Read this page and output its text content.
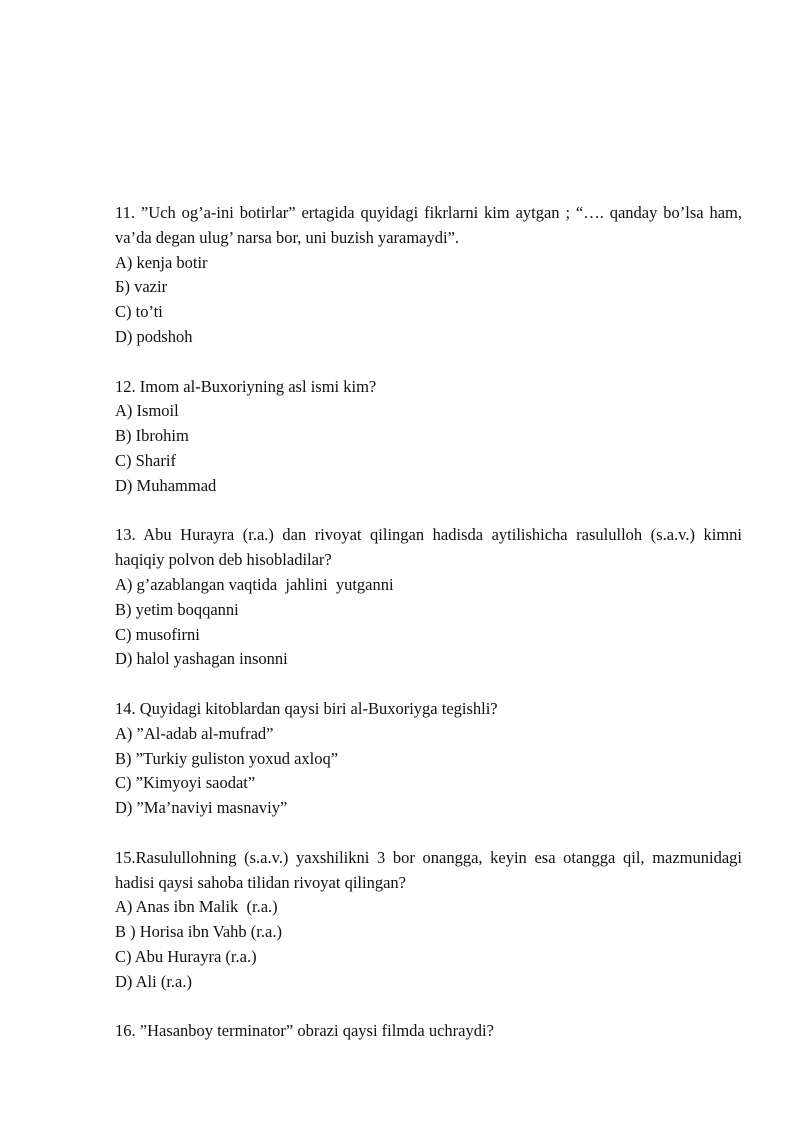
11. ”Uch og’a-ini botirlar” ertagida quyidagi fikrlarni kim aytgan ; “…. qanday bo’lsa ham, va’da degan ulug’ narsa bor, uni buzish yaramaydi”.

A) kenja botir

Б) vazir

C) to’ti

D) podshoh

12. Imom al-Buxoriyning asl ismi kim?

A) Ismoil

B) Ibrohim

C) Sharif

D) Muhammad

13. Abu Hurayra (r.a.) dan rivoyat qilingan hadisda aytilishicha rasululloh (s.a.v.) kimni haqiqiy polvon deb hisobladilar?

A) g’azablangan vaqtida  jahlini  yutganni

B) yetim boqqanni

C) musofirni

D) halol yashagan insonni

14. Quyidagi kitoblardan qaysi biri al-Buxoriyga tegishli?

A) ”Al-adab al-mufrad”

B) ”Turkiy guliston yoxud axloq”

C) ”Kimyoyi saodat”

D) ”Ma’naviyi masnaviy”

15.Rasulullohning (s.a.v.) yaxshilikni 3 bor onangga, keyin esa otangga qil, mazmunidagi hadisi qaysi sahoba tilidan rivoyat qilingan?

A) Anas ibn Malik  (r.a.)

B ) Horisa ibn Vahb (r.a.)

C) Abu Hurayra (r.a.)

D) Ali (r.a.)

16. ”Hasanboy terminator” obrazi qaysi filmda uchraydi?
